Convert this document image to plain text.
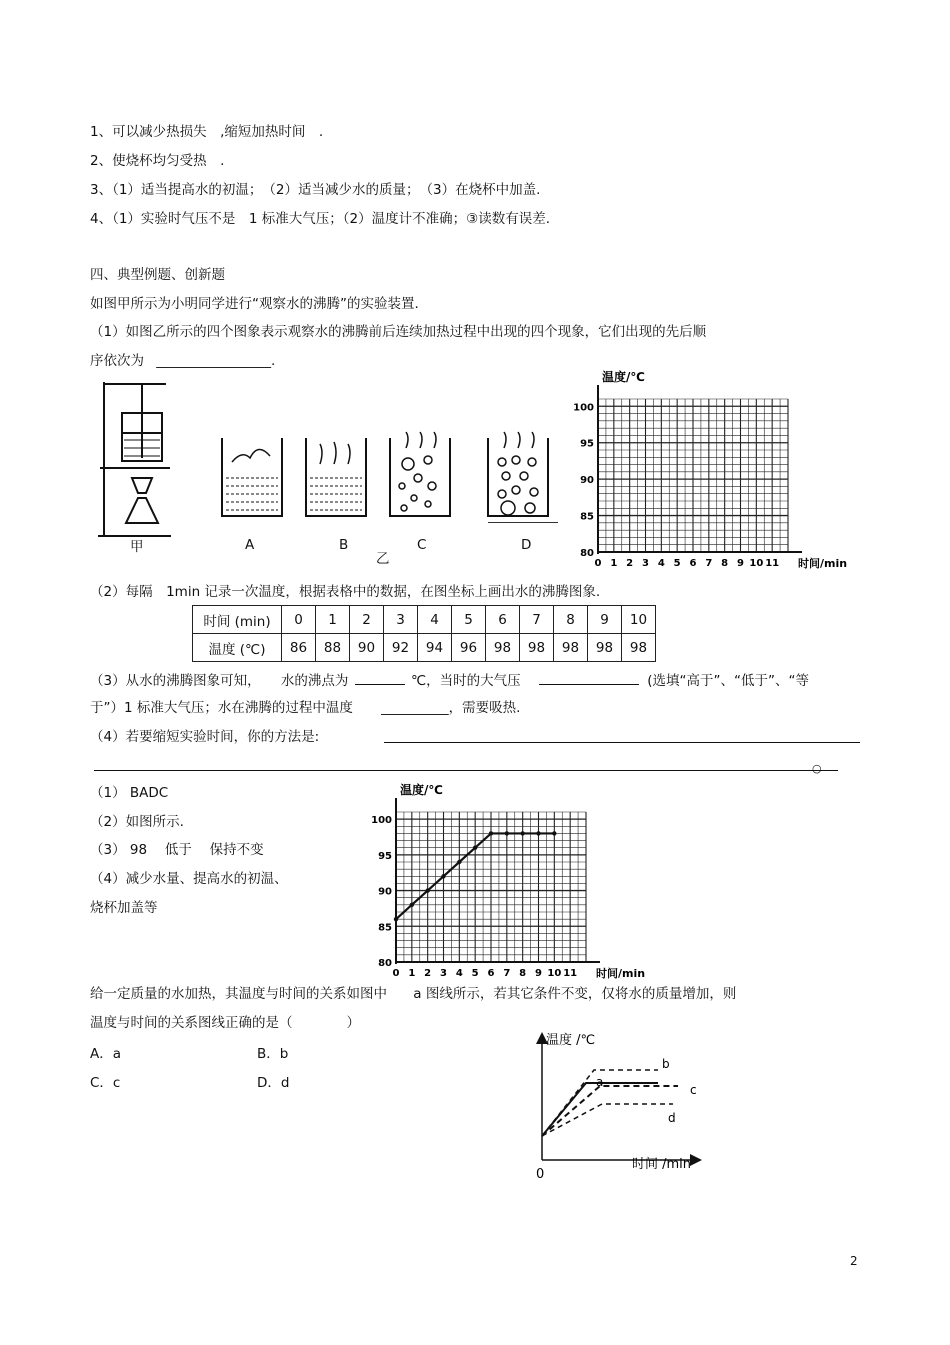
1、可以减少热损失　,缩短加热时间　.
2、使烧杯均匀受热　.
3、（1）适当提高水的初温；　（2）适当减少水的质量；　（3）在烧杯中加盖.
4、（1）实验时气压不是　1 标准大气压；（2）温度计不准确；③读数有误差.
四、典型例题、创新题
如图甲所示为小明同学进行“观察水的沸腾”的实验装置.
（1）如图乙所示的四个图象表示观察水的沸腾前后连续加热过程中出现的四个现象，它们出现的先后顺
序依次为 _________________.
甲	A	B	C	D
乙
温度/℃
时间/min
100
95
90
85
80
0 1 2 3 4 5 6 7 8 9 10 11
（2）每隔　1min 记录一次温度，根据表格中的数据，在图坐标上画出水的沸腾图象.
时间 (min)	0	1	2	3	4	5	6	7	8	9	10
温度 (℃)	86	88	90	92	94	96	98	98	98	98	98
（3）从水的沸腾图象可知，　　水的沸点为	℃，当时的大气压	(选填“高于”、“低于”、“等
于”）1 标准大气压；水在沸腾的过程中温度 __________，需要吸热.
（4）若要缩短实验时间，你的方法是:
○
（1） BADC
（2）如图所示.
（3） 98　 低于　 保持不变
（4）减少水量、提高水的初温、
烧杯加盖等
温度/℃
时间/min
100
95
90
85
80
0 1 2 3 4 5 6 7 8 9 10 11
给一定质量的水加热，其温度与时间的关系如图中 a 图线所示，若其它条件不变，仅将水的质量增加，则
温度与时间的关系图线正确的是（　　　　）
A．a	B．b
C．c	D．d
温度 /℃
时间 /min
0
a
b
c
d
2
